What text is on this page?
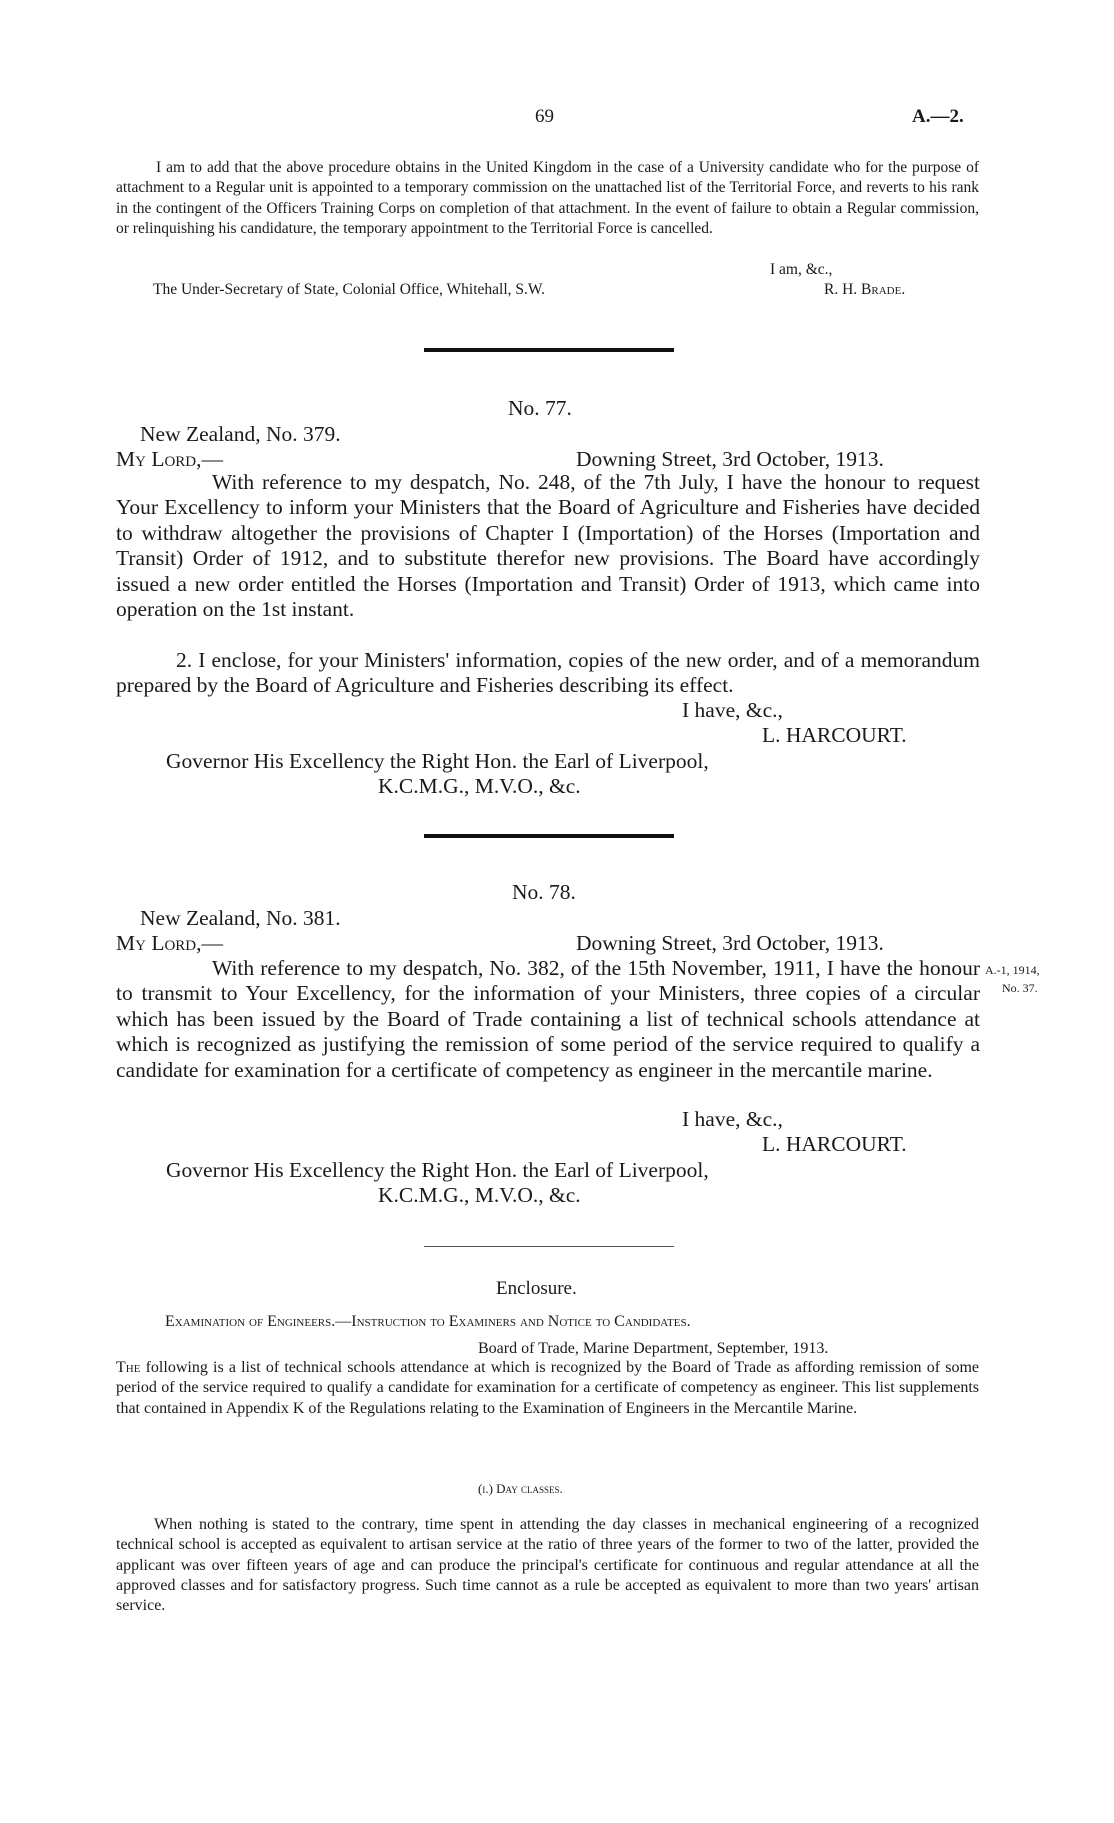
69	A.—2.

I am to add that the above procedure obtains in the United Kingdom in the case of a University candidate who for the purpose of attachment to a Regular unit is appointed to a temporary commission on the unattached list of the Territorial Force, and reverts to his rank in the contingent of the Officers Training Corps on completion of that attachment. In the event of failure to obtain a Regular commission, or relinquishing his candidature, the temporary appointment to the Territorial Force is cancelled.

I am, &c.,
The Under-Secretary of State, Colonial Office, Whitehall, S.W.	R. H. Brade.
No. 77.
New Zealand, No. 379.
My Lord,—	Downing Street, 3rd October, 1913.

With reference to my despatch, No. 248, of the 7th July, I have the honour to request Your Excellency to inform your Ministers that the Board of Agriculture and Fisheries have decided to withdraw altogether the provisions of Chapter I (Importation) of the Horses (Importation and Transit) Order of 1912, and to substitute therefor new provisions. The Board have accordingly issued a new order entitled the Horses (Importation and Transit) Order of 1913, which came into operation on the 1st instant.

2. I enclose, for your Ministers' information, copies of the new order, and of a memorandum prepared by the Board of Agriculture and Fisheries describing its effect.

I have, &c.,
L. HARCOURT.
Governor His Excellency the Right Hon. the Earl of Liverpool,
K.C.M.G., M.V.O., &c.
No. 78.
New Zealand, No. 381.
My Lord,—	Downing Street, 3rd October, 1913.

With reference to my despatch, No. 382, of the 15th November, 1911, I have the honour to transmit to Your Excellency, for the information of your Ministers, three copies of a circular which has been issued by the Board of Trade containing a list of technical schools attendance at which is recognized as justifying the remission of some period of the service required to qualify a candidate for examination for a certificate of competency as engineer in the mercantile marine.

A.-1, 1914,
No. 37.
I have, &c.,
L. HARCOURT.
Governor His Excellency the Right Hon. the Earl of Liverpool,
K.C.M.G., M.V.O., &c.
Enclosure.
Examination of Engineers.—Instruction to Examiners and Notice to Candidates.
Board of Trade, Marine Department, September, 1913.

The following is a list of technical schools attendance at which is recognized by the Board of Trade as affording remission of some period of the service required to qualify a candidate for examination for a certificate of competency as engineer. This list supplements that contained in Appendix K of the Regulations relating to the Examination of Engineers in the Mercantile Marine.

(i.) Day classes.

When nothing is stated to the contrary, time spent in attending the day classes in mechanical engineering of a recognized technical school is accepted as equivalent to artisan service at the ratio of three years of the former to two of the latter, provided the applicant was over fifteen years of age and can produce the principal's certificate for continuous and regular attendance at all the approved classes and for satisfactory progress. Such time cannot as a rule be accepted as equivalent to more than two years' artisan service.
